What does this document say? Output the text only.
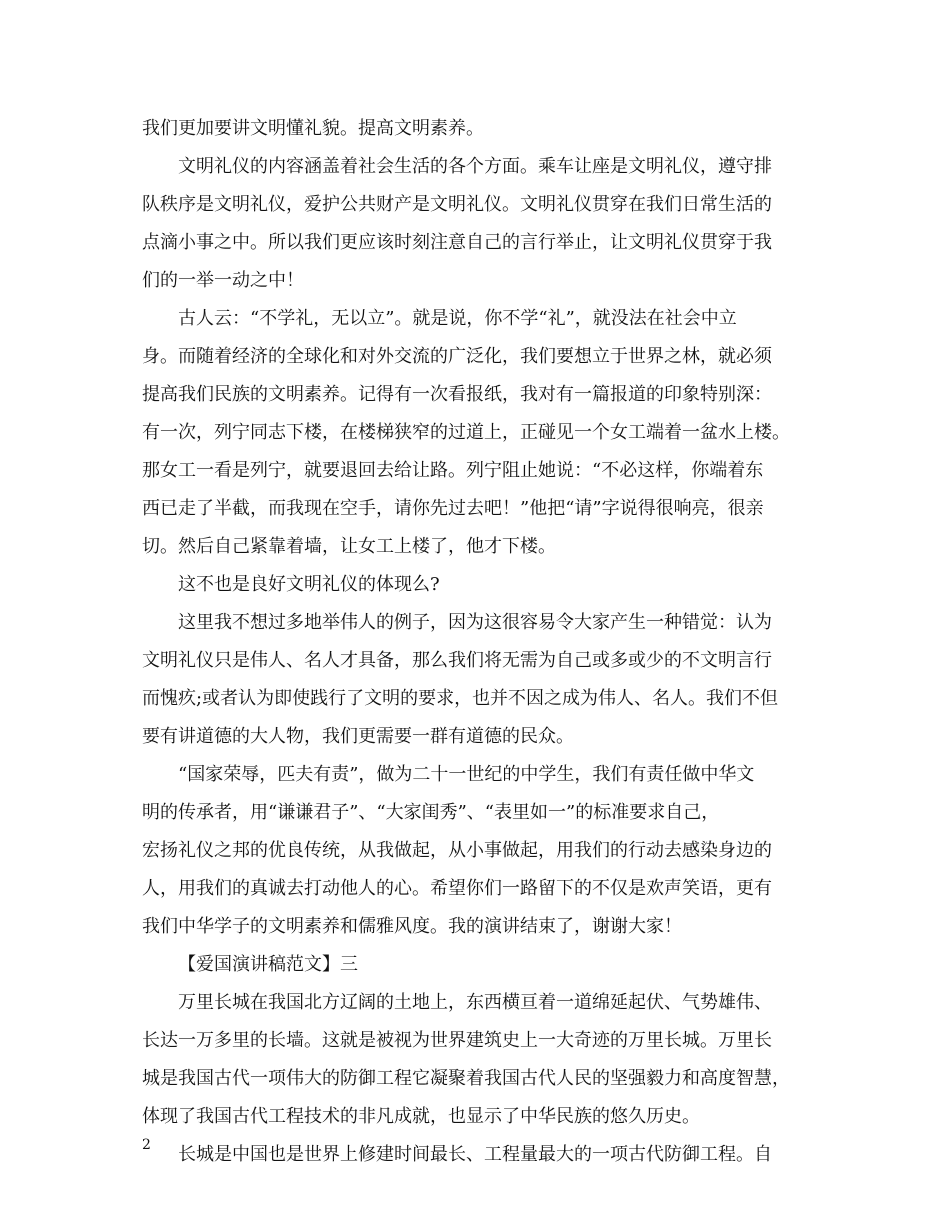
我们更加要讲文明懂礼貌。提高文明素养。
文明礼仪的内容涵盖着社会生活的各个方面。乘车让座是文明礼仪，遵守排
队秩序是文明礼仪，爱护公共财产是文明礼仪。文明礼仪贯穿在我们日常生活的
点滴小事之中。所以我们更应该时刻注意自己的言行举止，让文明礼仪贯穿于我
们的一举一动之中！
古人云：“不学礼，无以立”。就是说，你不学“礼”，就没法在社会中立
身。而随着经济的全球化和对外交流的广泛化，我们要想立于世界之林，就必须
提高我们民族的文明素养。记得有一次看报纸，我对有一篇报道的印象特别深：
有一次，列宁同志下楼，在楼梯狭窄的过道上，正碰见一个女工端着一盆水上楼。
那女工一看是列宁，就要退回去给让路。列宁阻止她说：“不必这样，你端着东
西已走了半截，而我现在空手，请你先过去吧！”他把“请”字说得很响亮，很亲
切。然后自己紧靠着墙，让女工上楼了，他才下楼。
这不也是良好文明礼仪的体现么?
这里我不想过多地举伟人的例子，因为这很容易令大家产生一种错觉：认为
文明礼仪只是伟人、名人才具备，那么我们将无需为自己或多或少的不文明言行
而愧疚;或者认为即使践行了文明的要求，也并不因之成为伟人、名人。我们不但
要有讲道德的大人物，我们更需要一群有道德的民众。
“国家荣辱，匹夫有责”，做为二十一世纪的中学生，我们有责任做中华文
明的传承者，用“谦谦君子”、“大家闺秀”、“表里如一”的标准要求自己，
宏扬礼仪之邦的优良传统，从我做起，从小事做起，用我们的行动去感染身边的
人，用我们的真诚去打动他人的心。希望你们一路留下的不仅是欢声笑语，更有
我们中华学子的文明素养和儒雅风度。我的演讲结束了，谢谢大家！
【爱国演讲稿范文】三
万里长城在我国北方辽阔的土地上，东西横亘着一道绵延起伏、气势雄伟、
长达一万多里的长墙。这就是被视为世界建筑史上一大奇迹的万里长城。万里长
城是我国古代一项伟大的防御工程它凝聚着我国古代人民的坚强毅力和高度智慧，
体现了我国古代工程技术的非凡成就，也显示了中华民族的悠久历史。
长城是中国也是世界上修建时间最长、工程量最大的一项古代防御工程。自
2
